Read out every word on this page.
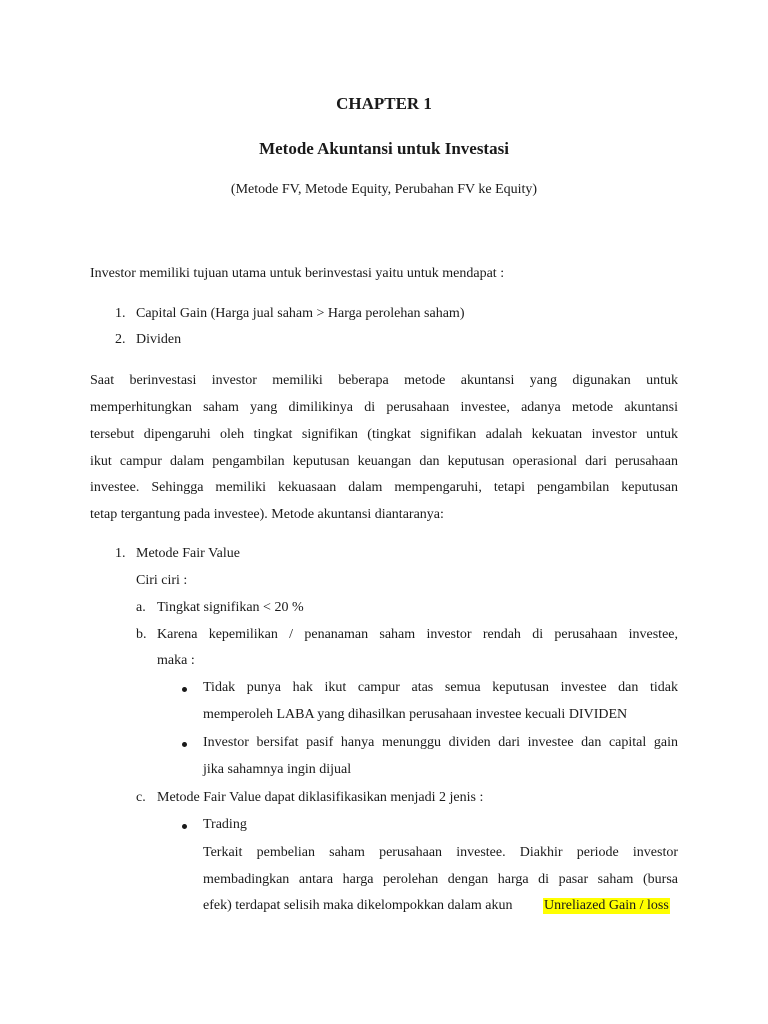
CHAPTER 1
Metode Akuntansi untuk Investasi
(Metode FV, Metode Equity, Perubahan FV ke Equity)
Investor memiliki tujuan utama untuk berinvestasi yaitu untuk mendapat :
1. Capital Gain (Harga jual saham > Harga perolehan saham)
2. Dividen
Saat berinvestasi investor memiliki beberapa metode akuntansi yang digunakan untuk
memperhitungkan saham yang dimilikinya di perusahaan investee, adanya metode akuntansi
tersebut dipengaruhi oleh tingkat signifikan (tingkat signifikan adalah kekuatan investor untuk
ikut campur dalam pengambilan keputusan keuangan dan keputusan operasional dari perusahaan
investee. Sehingga memiliki kekuasaan dalam mempengaruhi, tetapi pengambilan keputusan
tetap tergantung pada investee). Metode akuntansi diantaranya:
1. Metode Fair Value
Ciri ciri :
a. Tingkat signifikan < 20 %
b. Karena kepemilikan / penanaman saham investor rendah di perusahaan investee,
maka :
Tidak punya hak ikut campur atas semua keputusan investee dan tidak
memperoleh LABA yang dihasilkan perusahaan investee kecuali DIVIDEN
Investor bersifat pasif hanya menunggu dividen dari investee dan capital gain
jika sahamnya ingin dijual
c. Metode Fair Value dapat diklasifikasikan menjadi 2 jenis :
Trading
Terkait pembelian saham perusahaan investee. Diakhir periode investor
membadingkan antara harga perolehan dengan harga di pasar saham (bursa
efek) terdapat selisih maka dikelompokkan dalam akun Unreliazed Gain / loss
